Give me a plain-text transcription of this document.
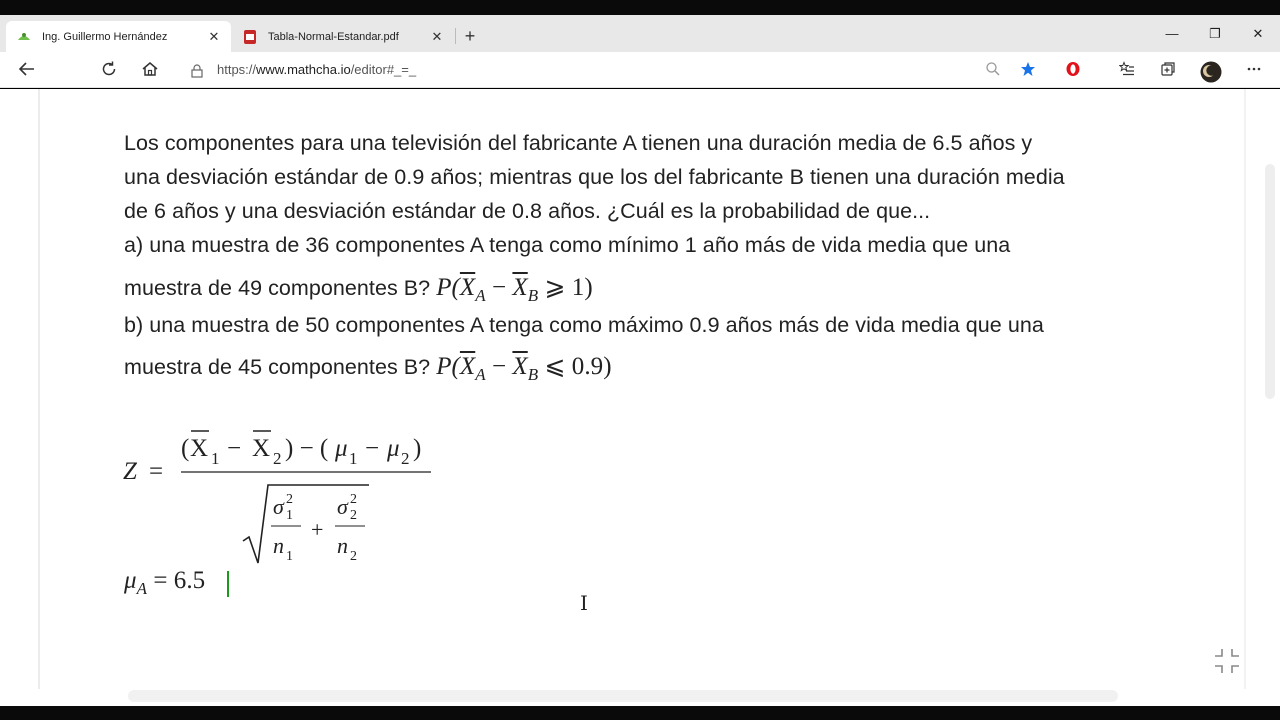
Ing. Guillermo Hernández	✕	Tabla-Normal-Estandar.pdf	✕ +	—	❐	✕
https://www.mathcha.io/editor#_=_
Los componentes para una televisión del fabricante A tienen una duración media de 6.5 años y
una desviación estándar de 0.9 años; mientras que los del fabricante B tienen una duración media
de 6 años y una desviación estándar de 0.8 años. ¿Cuál es la probabilidad de que...
a) una muestra de 36 componentes A tenga como mínimo 1 año más de vida media que una
muestra de 49 componentes B? $P(\overline{X}_A - \overline{X}_B$ ⩾ 1)
b) una muestra de 50 componentes A tenga como máximo 0.9 años más de vida media que una
muestra de 45 componentes B? $P(\overline{X}_A - \overline{X}_B$ ⩽ 0.9)
Z =
( X 1 − X 2 ) − ( μ 1 − μ 2 )
σ 2
1
n 1
+
σ 2
2
n 2
$\mu_A = 6.5$
I
